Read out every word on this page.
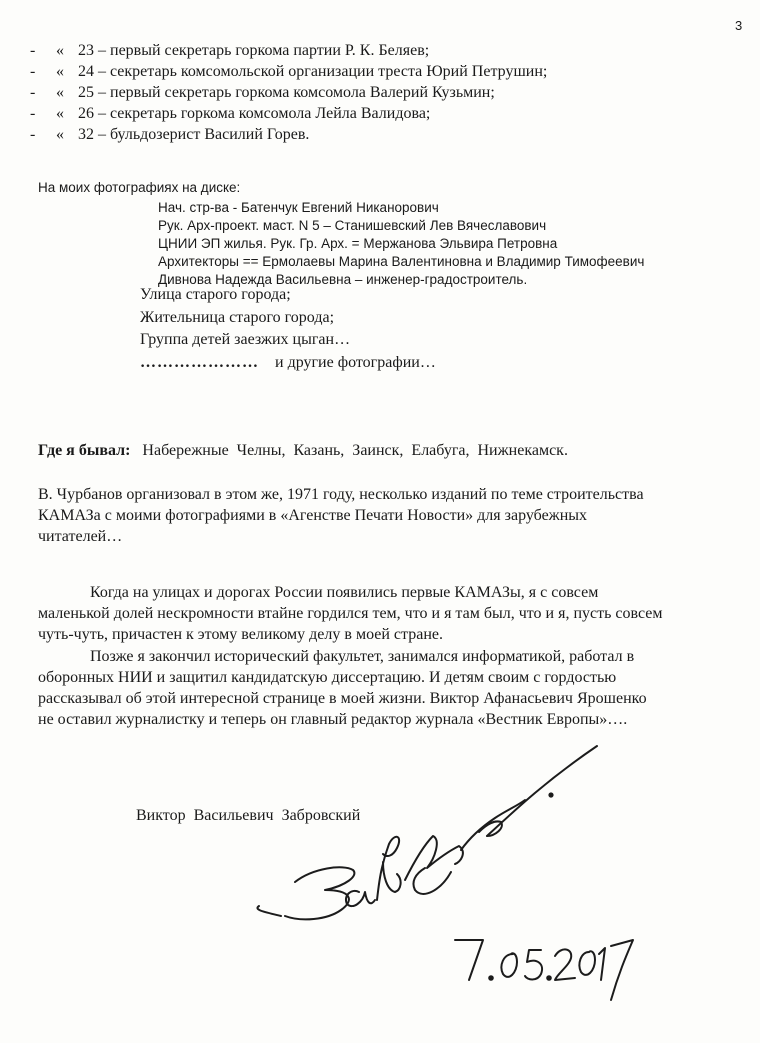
3
- « 23 – первый секретарь горкома партии Р. К. Беляев;
- « 24 – секретарь комсомольской организации треста Юрий Петрушин;
- « 25 – первый секретарь горкома комсомола Валерий Кузьмин;
- « 26 – секретарь горкома комсомола Лейла Валидова;
- « 32 – бульдозерист Василий Горев.
На моих фотографиях на диске:
Нач. стр-ва - Батенчук Евгений Никанорович
Рук. Арх-проект. маст. N 5 – Станишевский Лев Вячеславович
ЦНИИ ЭП жилья. Рук. Гр. Арх. = Мержанова Эльвира Петровна
Архитекторы == Ермолаевы Марина Валентиновна и Владимир Тимофеевич
Дивнова Надежда Васильевна – инженер-градостроитель.
Улица старого города;
Жительница старого города;
Группа детей заезжих цыган…
………………… и другие фотографии…
Где я бывал: Набережные Челны, Казань, Заинск, Елабуга, Нижнекамск.
В. Чурбанов организовал в этом же, 1971 году, несколько изданий по теме строительства
КАМАЗа с моими фотографиями в «Агенстве Печати Новости» для зарубежных
читателей…
Когда на улицах и дорогах России появились первые КАМАЗы, я с совсем
маленькой долей нескромности втайне гордился тем, что и я там был, что и я, пусть совсем
чуть-чуть, причастен к этому великому делу в моей стране.
Позже я закончил исторический факультет, занимался информатикой, работал в
оборонных НИИ и защитил кандидатскую диссертацию. И детям своим с гордостью
рассказывал об этой интересной странице в моей жизни. Виктор Афанасьевич Ярошенко
не оставил журналистку и теперь он главный редактор журнала «Вестник Европы»….
Виктор Васильевич Забровский
